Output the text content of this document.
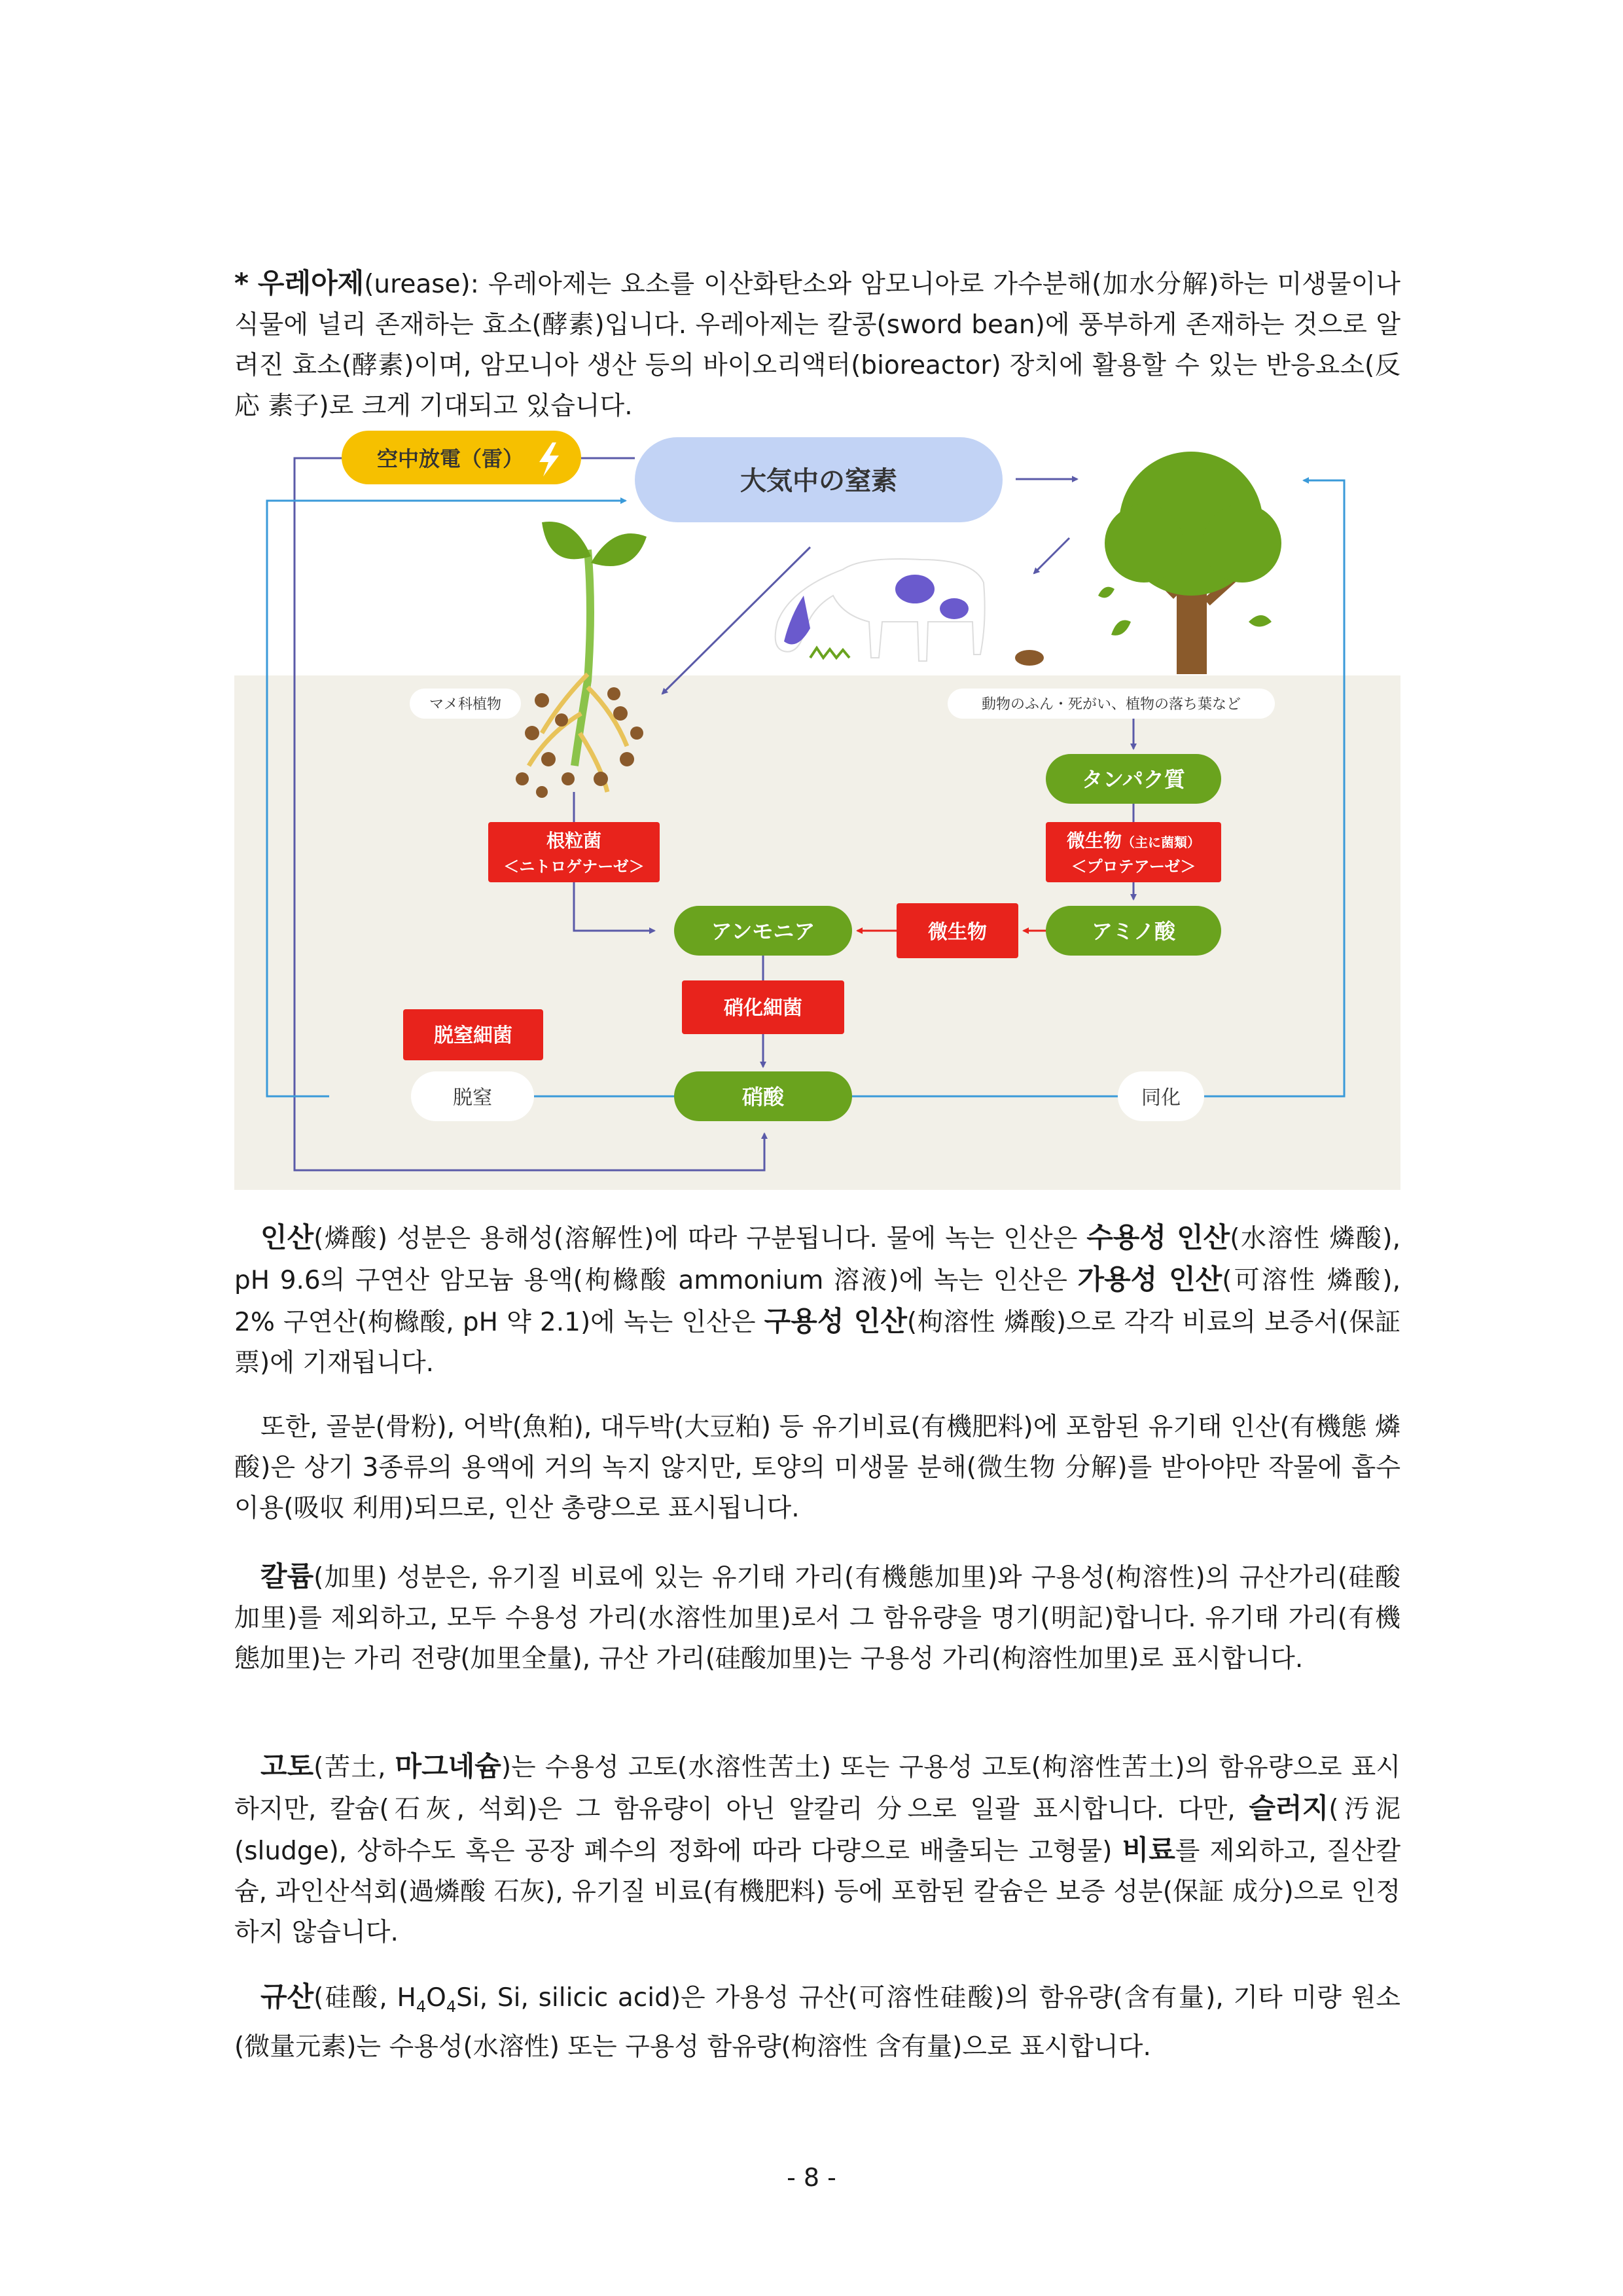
* 우레아제(urease): 우레아제는 요소를 이산화탄소와 암모니아로 가수분해(加水分解)하는 미생물이나 식물에 널리 존재하는 효소(酵素)입니다. 우레아제는 칼콩(sword bean)에 풍부하게 존재하는 것으로 알려진 효소(酵素)이며, 암모니아 생산 등의 바이오리액터(bioreactor) 장치에 활용할 수 있는 반응요소(反応 素子)로 크게 기대되고 있습니다.

空中放電（雷）
大気中の窒素
マメ科植物	動物のふん・死がい、植物の落ち葉など
タンパク質
微生物（主に菌類）
＜プロテアーゼ＞
根粒菌
＜ニトロゲナーゼ＞
アンモニア	微生物	アミノ酸
硝化細菌
脱窒細菌
脱窒	硝酸	同化

인산(燐酸) 성분은 용해성(溶解性)에 따라 구분됩니다. 물에 녹는 인산은 수용성 인산(水溶性 燐酸), pH 9.6의 구연산 암모늄 용액(枸櫞酸 ammonium 溶液)에 녹는 인산은 가용성 인산(可溶性 燐酸), 2% 구연산(枸櫞酸, pH 약 2.1)에 녹는 인산은 구용성 인산(枸溶性 燐酸)으로 각각 비료의 보증서(保証票)에 기재됩니다.

또한, 골분(骨粉), 어박(魚粕), 대두박(大豆粕) 등 유기비료(有機肥料)에 포함된 유기태 인산(有機態 燐酸)은 상기 3종류의 용액에 거의 녹지 않지만, 토양의 미생물 분해(微生物 分解)를 받아야만 작물에 흡수 이용(吸収 利用)되므로, 인산 총량으로 표시됩니다.

칼륨(加里) 성분은, 유기질 비료에 있는 유기태 가리(有機態加里)와 구용성(枸溶性)의 규산가리(硅酸加里)를 제외하고, 모두 수용성 가리(水溶性加里)로서 그 함유량을 명기(明記)합니다. 유기태 가리(有機態加里)는 가리 전량(加里全量), 규산 가리(硅酸加里)는 구용성 가리(枸溶性加里)로 표시합니다.

고토(苦土, 마그네슘)는 수용성 고토(水溶性苦土) 또는 구용성 고토(枸溶性苦土)의 함유량으로 표시하지만, 칼슘(石灰, 석회)은 그 함유량이 아닌 알칼리 分으로 일괄 표시합니다. 다만, 슬러지(汚泥(sludge), 상하수도 혹은 공장 폐수의 정화에 따라 다량으로 배출되는 고형물) 비료를 제외하고, 질산칼슘, 과인산석회(過燐酸 石灰), 유기질 비료(有機肥料) 등에 포함된 칼슘은 보증 성분(保証 成分)으로 인정하지 않습니다.

규산(硅酸, $H_4O_4Si$, Si, silicic acid)은 가용성 규산(可溶性硅酸)의 함유량(含有量), 기타 미량 원소(微量元素)는 수용성(水溶性) 또는 구용성 함유량(枸溶性 含有量)으로 표시합니다.

- 8 -
